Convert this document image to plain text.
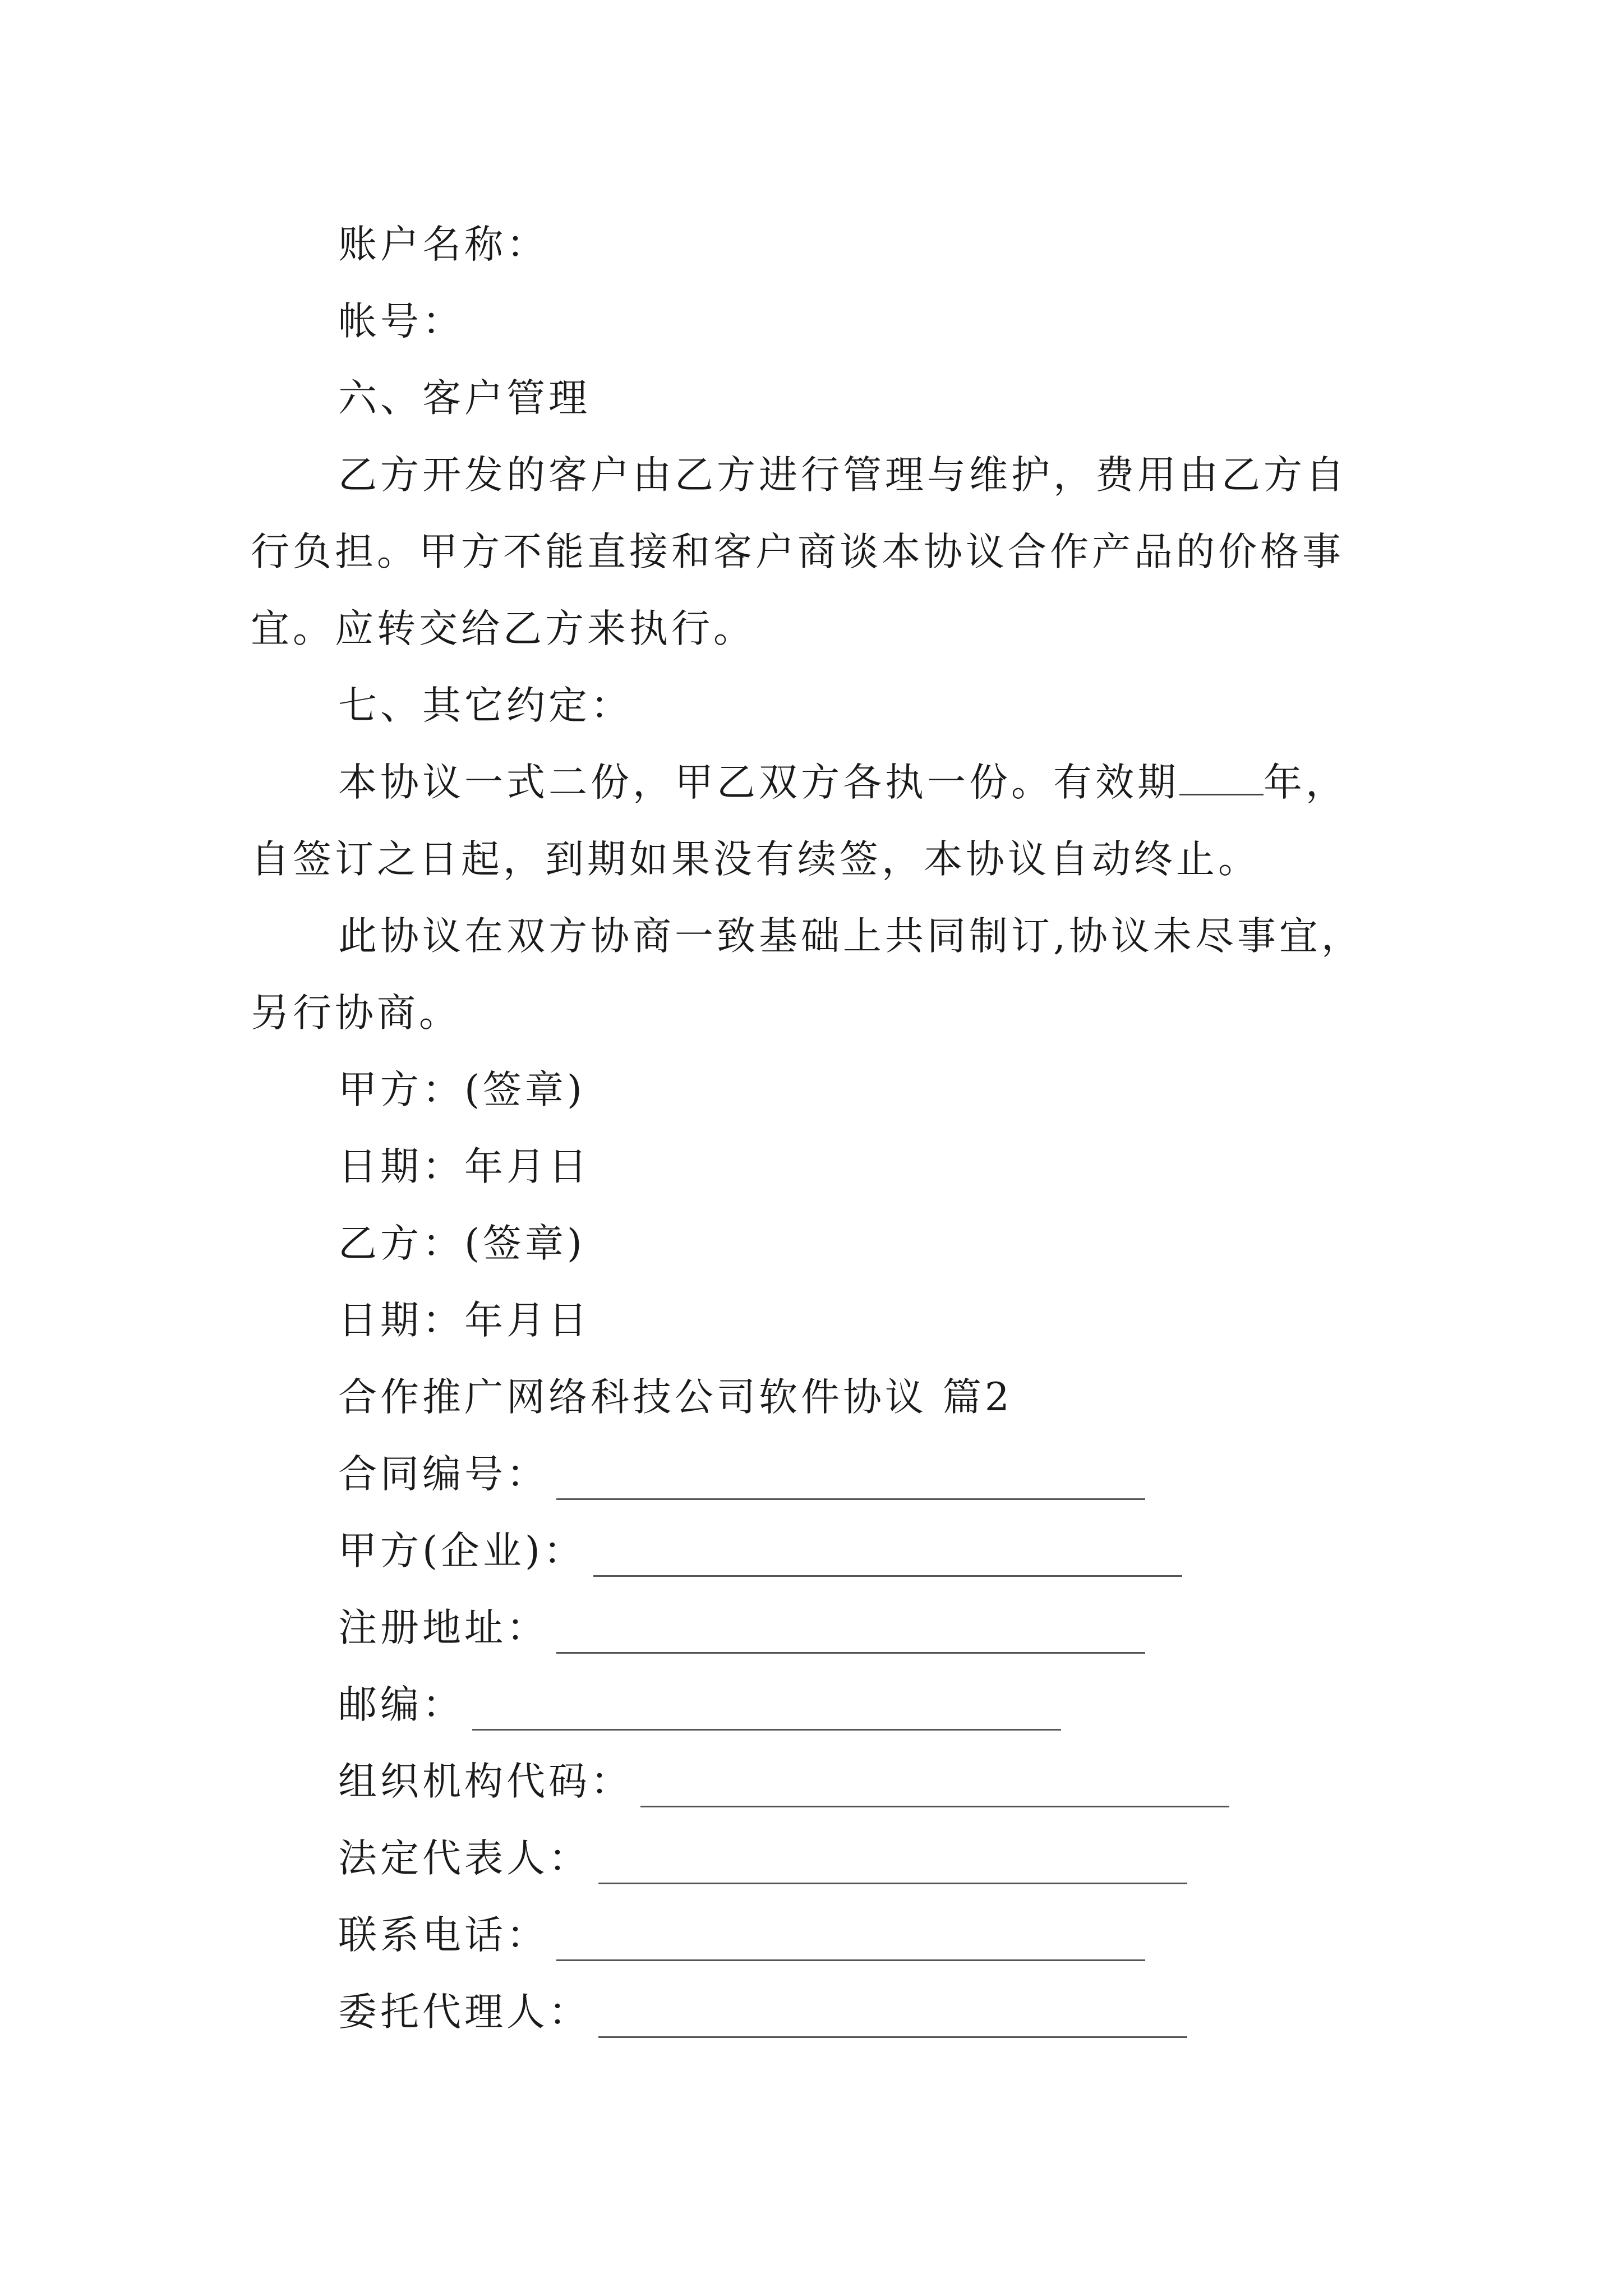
账户名称：
帐号：
六、客户管理
乙方开发的客户由乙方进行管理与维护，费用由乙方自
行负担。甲方不能直接和客户商谈本协议合作产品的价格事
宜。应转交给乙方来执行。
七、其它约定：
本协议一式二份，甲乙双方各执一份。有效期 年，
自签订之日起，到期如果没有续签，本协议自动终止。
此协议在双方协商一致基础上共同制订,协议未尽事宜，
另行协商。
甲方：(签章)
日期：年月日
乙方：(签章)
日期：年月日
合作推广网络科技公司软件协议 篇2
合同编号：
甲方(企业)：
注册地址：
邮编：
组织机构代码：
法定代表人：
联系电话：
委托代理人：
